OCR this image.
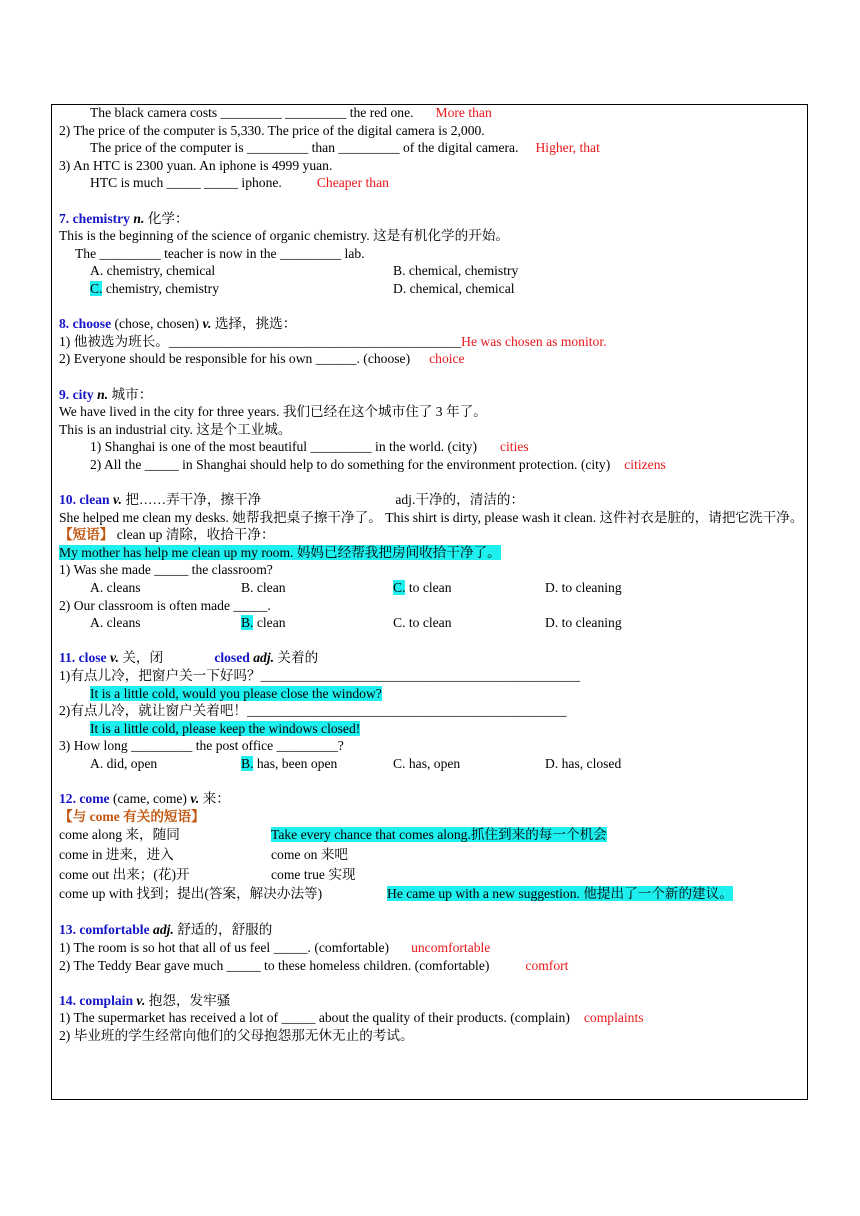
The black camera costs _________ _________ the red one. More than
2) The price of the computer is 5,330. The price of the digital camera is 2,000.
The price of the computer is _________ than _________ of the digital camera. Higher, that
3) An HTC is 2300 yuan. An iphone is 4999 yuan.
HTC is much _____ _____ iphone.	Cheaper than
7. chemistry n. 化学：
This is the beginning of the science of organic chemistry. 这是有机化学的开始。
The _________ teacher is now in the _________ lab.
A. chemistry, chemical	B. chemical, chemistry
C. chemistry, chemistry	D. chemical, chemical
8. choose (chose, chosen) v. 选择，挑选：
1) 他被选为班长。___________________________________________He was chosen as monitor.
2) Everyone should be responsible for his own ______. (choose) choice
9. city n. 城市：
We have lived in the city for three years. 我们已经在这个城市住了 3 年了。
This is an industrial city. 这是个工业城。
1) Shanghai is one of the most beautiful _________ in the world. (city) cities
2) All the _____ in Shanghai should help to do something for the environment protection. (city) citizens
10. clean v. 把……弄干净，擦干净	adj.干净的，清洁的：
She helped me clean my desks. 她帮我把桌子擦干净了。 This shirt is dirty, please wash it clean. 这件衬衣是脏的，请把它洗干净。
【短语】 clean up 清除，收拾干净：
My mother has help me clean up my room. 妈妈已经帮我把房间收拾干净了。
1) Was she made _____ the classroom?
A. cleans	B. clean	C. to clean	D. to cleaning
2) Our classroom is often made _____.
A. cleans	B. clean	C. to clean	D. to cleaning
11. close v. 关，闭	closed adj. 关着的
1)有点儿冷，把窗户关一下好吗？_______________________________________________
It is a little cold, would you please close the window?
2)有点儿冷，就让窗户关着吧！_______________________________________________
It is a little cold, please keep the windows closed!
3) How long _________ the post office _________?
A. did, open	B. has, been open	C. has, open	D. has, closed
12. come (came, come) v. 来：
【与 come 有关的短语】
come along 来，随同	Take every chance that comes along.抓住到来的每一个机会
come in 进来，进入	come on 来吧
come out 出来；(花)开	come true 实现
come up with 找到；提出(答案，解决办法等)	He came up with a new suggestion. 他提出了一个新的建议。
13. comfortable adj. 舒适的，舒服的
1) The room is so hot that all of us feel _____. (comfortable) uncomfortable
2) The Teddy Bear gave much _____ to these homeless children. (comfortable)	comfort
14. complain v. 抱怨，发牢骚
1) The supermarket has received a lot of _____ about the quality of their products. (complain) complaints
2) 毕业班的学生经常向他们的父母抱怨那无休无止的考试。
